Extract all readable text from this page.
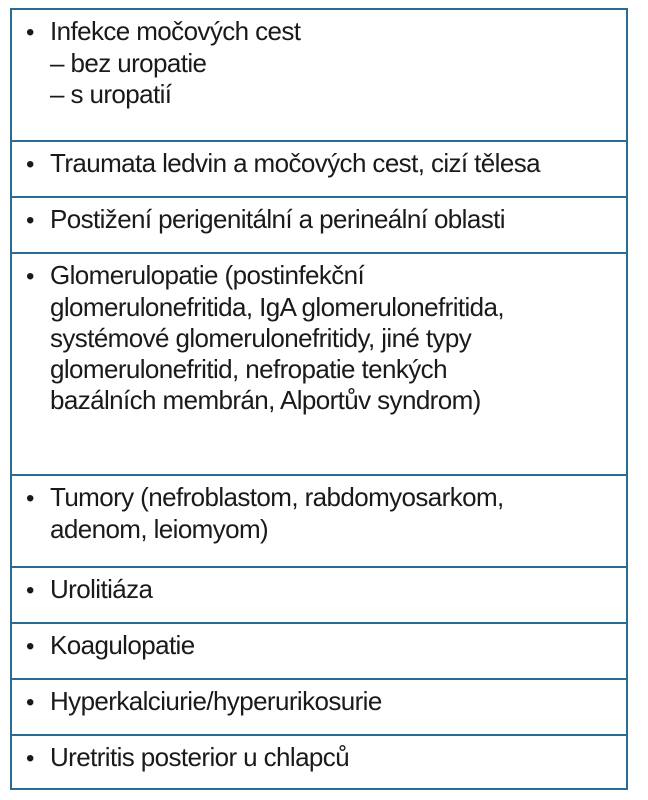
• Infekce močových cest
– bez uropatie
– s uropatií
• Traumata ledvin a močových cest, cizí tělesa
• Postižení perigenitální a perineální oblasti
• Glomerulopatie (postinfekční
glomerulonefritida, IgA glomerulonefritida,
systémové glomerulonefritidy, jiné typy
glomerulonefritid, nefropatie tenkých
bazálních membrán, Alportův syndrom)
• Tumory (nefroblastom, rabdomyosarkom,
adenom, leiomyom)
• Urolitiáza
• Koagulopatie
• Hyperkalciurie/hyperurikosurie
• Uretritis posterior u chlapců
